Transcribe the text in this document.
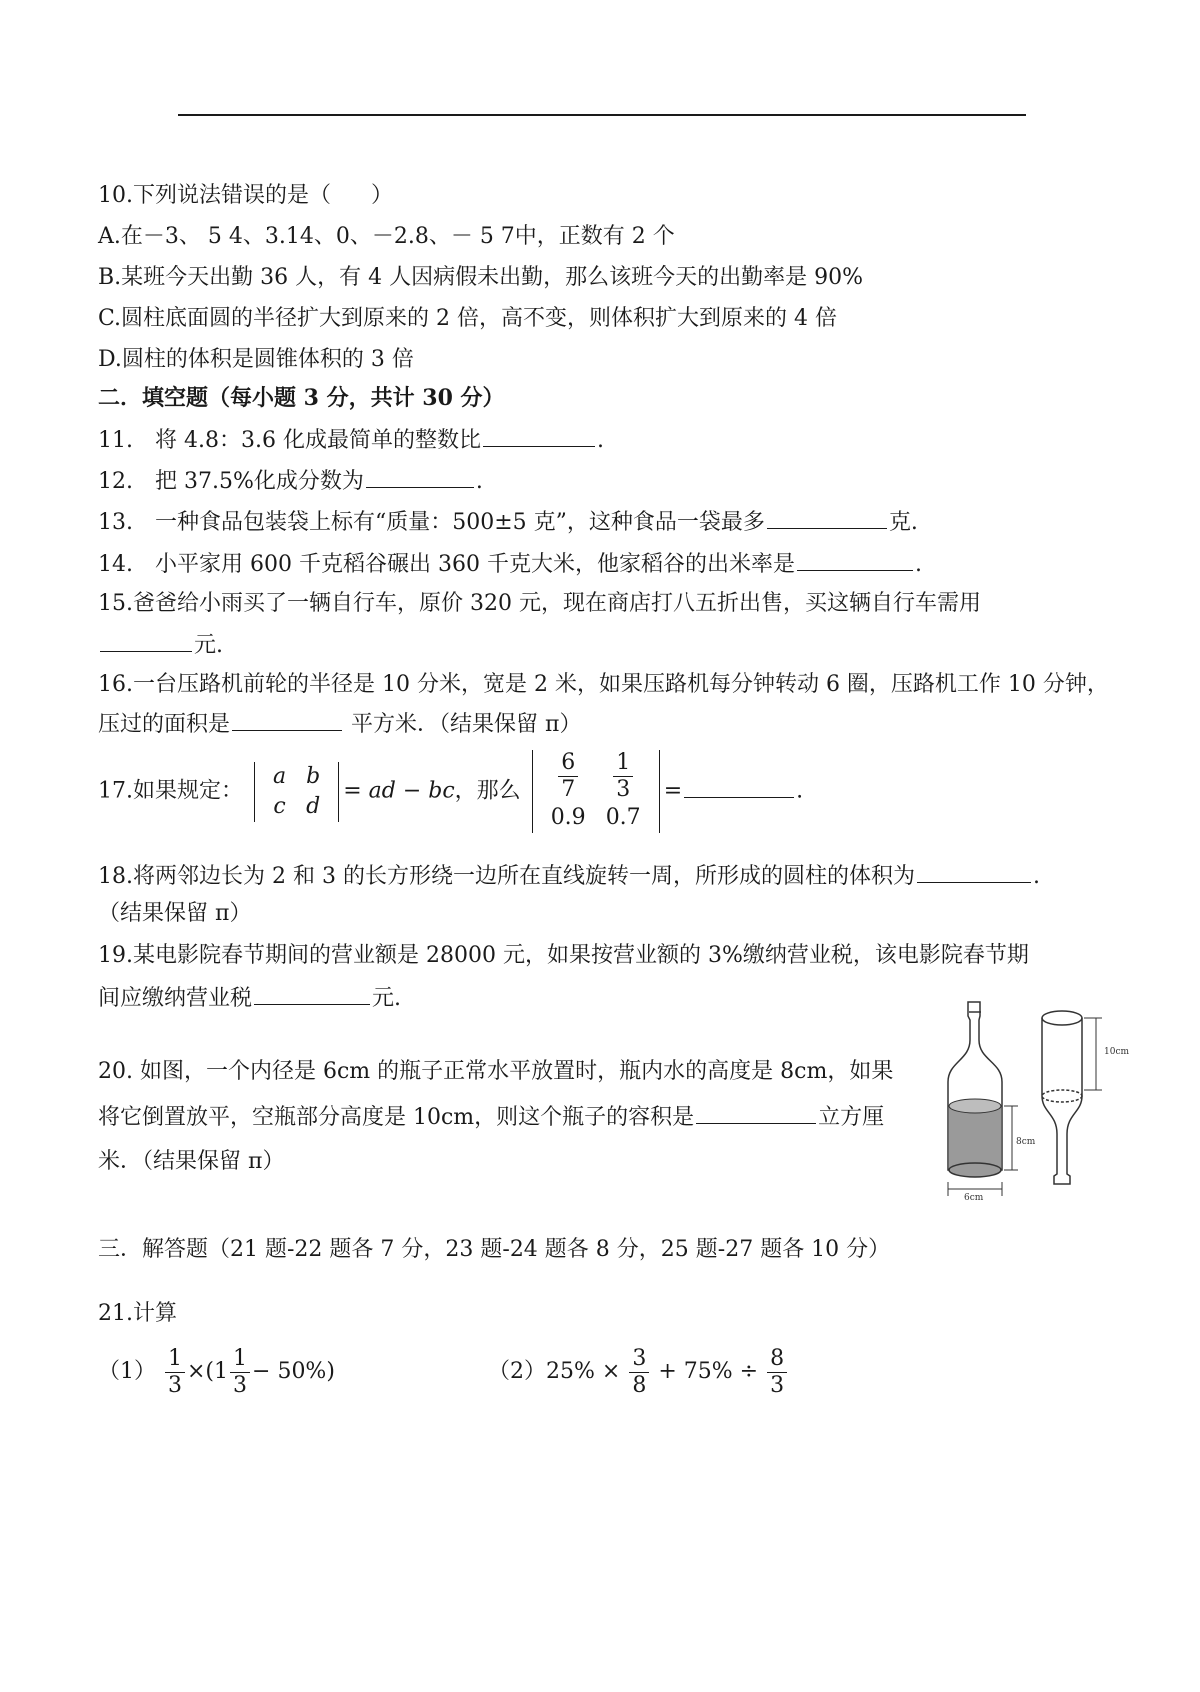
10.下列说法错误的是（ ）
A.在－3、 5 4、3.14、0、－2.8、－ 5 7中，正数有 2 个
B.某班今天出勤 36 人，有 4 人因病假未出勤，那么该班今天的出勤率是 90%
C.圆柱底面圆的半径扩大到原来的 2 倍，高不变，则体积扩大到原来的 4 倍
D.圆柱的体积是圆锥体积的 3 倍
二．填空题（每小题 3 分，共计 30 分）
11.　将 4.8：3.6 化成最简单的整数比	.
12.　把 37.5%化成分数为	.
13.　一种食品包装袋上标有“质量：500±5 克”，这种食品一袋最多	克.
14.　小平家用 600 千克稻谷碾出 360 千克大米，他家稻谷的出米率是	.
15.爸爸给小雨买了一辆自行车，原价 320 元，现在商店打八五折出售，买这辆自行车需用
元.
16.一台压路机前轮的半径是 10 分米，宽是 2 米，如果压路机每分钟转动 6 圈，压路机工作 10 分钟，
压过的面积是	平方米．（结果保留 π）
17.如果规定：
a	b
c	d
= ad − bc，那么 $\frac{6}{7}$	$\frac{1}{3}$

0.9	0.7
=	.
18.将两邻边长为 2 和 3 的长方形绕一边所在直线旋转一周，所形成的圆柱的体积为	.
（结果保留 π）
19.某电影院春节期间的营业额是 28000 元，如果按营业额的 3%缴纳营业税，该电影院春节期
间应缴纳营业税	元.
20. 如图，一个内径是 6cm 的瓶子正常水平放置时，瓶内水的高度是 8cm，如果
将它倒置放平，空瓶部分高度是 10cm，则这个瓶子的容积是	立方厘
米．（结果保留 π）
8cm
6cm
10cm
三．解答题（21 题-22 题各 7 分，23 题-24 题各 8 分，25 题-27 题各 10 分）
21.计算
$(1) \frac{1}{3} \times(1 \frac{1}{3} - 50\%)$	$(2)25\% \times \frac{3}{8} + 75\% \div \frac{8}{3}$
